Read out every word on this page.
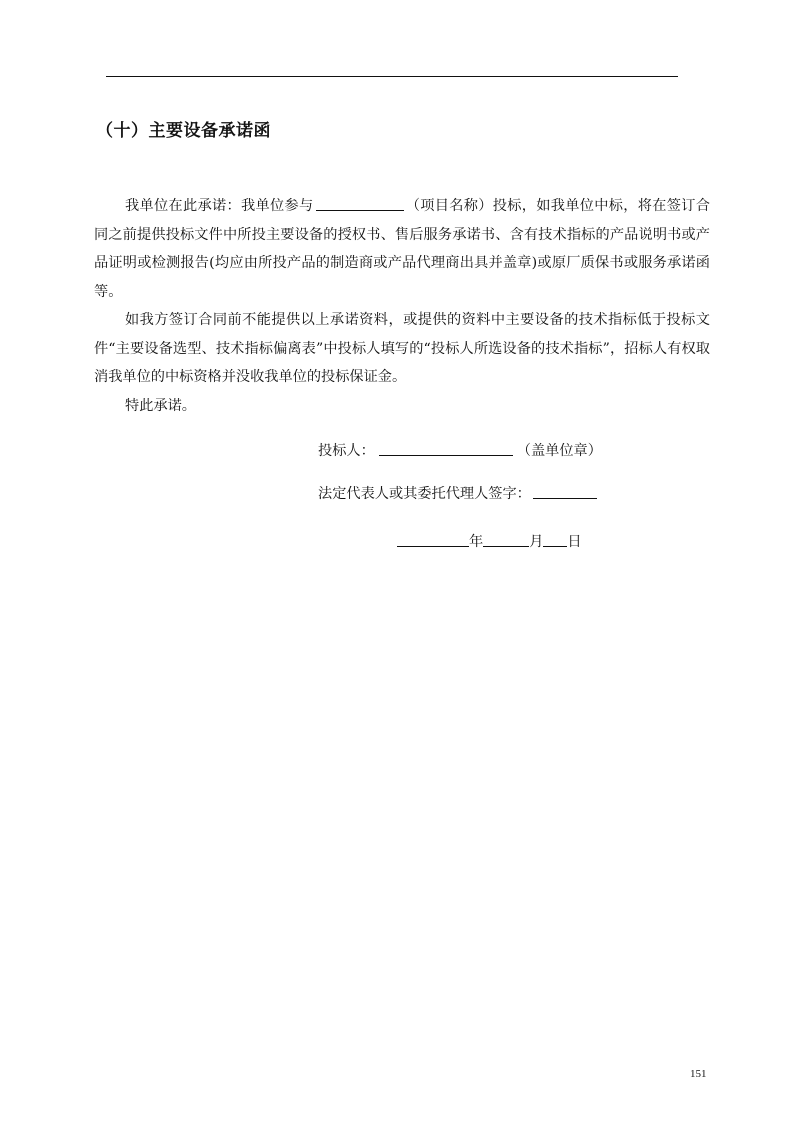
（十）主要设备承诺函

我单位在此承诺：我单位参与	（项目名称）投标，如我单位中标，将在签订合同之前提供投标文件中所投主要设备的授权书、售后服务承诺书、含有技术指标的产品说明书或产品证明或检测报告(均应由所投产品的制造商或产品代理商出具并盖章)或原厂质保书或服务承诺函等。

如我方签订合同前不能提供以上承诺资料，或提供的资料中主要设备的技术指标低于投标文件“主要设备选型、技术指标偏离表”中投标人填写的“投标人所选设备的技术指标”，招标人有权取消我单位的中标资格并没收我单位的投标保证金。

特此承诺。

投标人：	（盖单位章）
法定代表人或其委托代理人签字：
年	月 日
151
